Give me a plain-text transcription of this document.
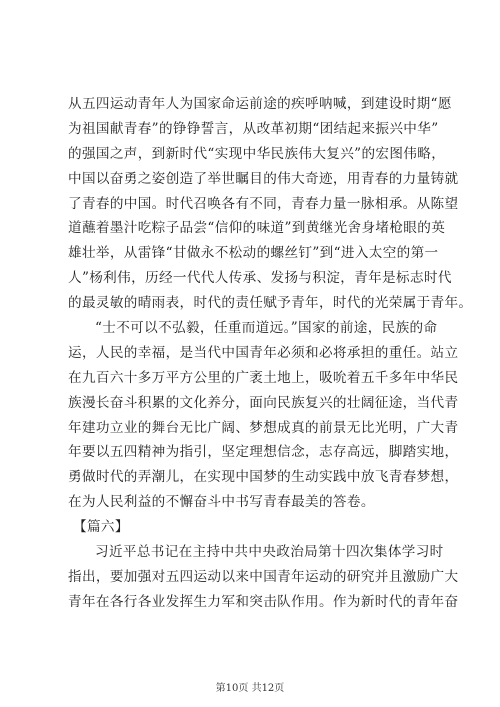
从五四运动青年人为国家命运前途的疾呼呐喊，到建设时期“愿
为祖国献青春”的铮铮誓言，从改革初期“团结起来振兴中华”
的强国之声，到新时代“实现中华民族伟大复兴”的宏图伟略，
中国以奋勇之姿创造了举世瞩目的伟大奇迹，用青春的力量铸就
了青春的中国。时代召唤各有不同，青春力量一脉相承。从陈望
道蘸着墨汁吃粽子品尝“信仰的味道”到黄继光舍身堵枪眼的英
雄壮举，从雷锋“甘做永不松动的螺丝钉”到“进入太空的第一
人”杨利伟，历经一代代人传承、发扬与积淀，青年是标志时代
的最灵敏的晴雨表，时代的责任赋予青年，时代的光荣属于青年。
“士不可以不弘毅，任重而道远。”国家的前途，民族的命
运，人民的幸福，是当代中国青年必须和必将承担的重任。站立
在九百六十多万平方公里的广袤土地上，吸吮着五千多年中华民
族漫长奋斗积累的文化养分，面向民族复兴的壮阔征途，当代青
年建功立业的舞台无比广阔、梦想成真的前景无比光明，广大青
年要以五四精神为指引，坚定理想信念，志存高远，脚踏实地，
勇做时代的弄潮儿，在实现中国梦的生动实践中放飞青春梦想，
在为人民利益的不懈奋斗中书写青春最美的答卷。
【篇六】
习近平总书记在主持中共中央政治局第十四次集体学习时
指出，要加强对五四运动以来中国青年运动的研究并且激励广大
青年在各行各业发挥生力军和突击队作用。作为新时代的青年奋
第10页 共12页
